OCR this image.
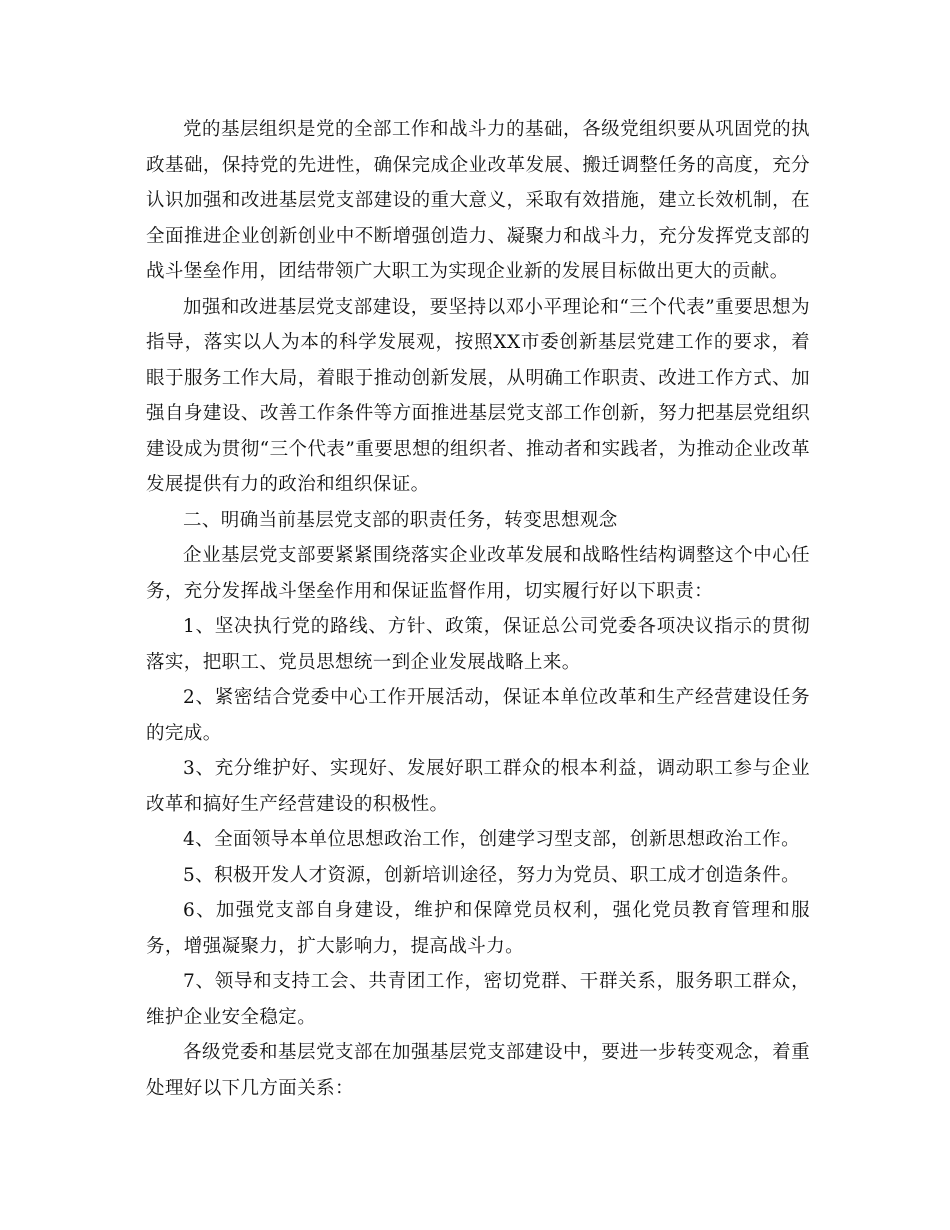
党的基层组织是党的全部工作和战斗力的基础，各级党组织要从巩固党的执政基础，保持党的先进性，确保完成企业改革发展、搬迁调整任务的高度，充分认识加强和改进基层党支部建设的重大意义，采取有效措施，建立长效机制，在全面推进企业创新创业中不断增强创造力、凝聚力和战斗力，充分发挥党支部的战斗堡垒作用，团结带领广大职工为实现企业新的发展目标做出更大的贡献。

加强和改进基层党支部建设，要坚持以邓小平理论和“三个代表”重要思想为指导，落实以人为本的科学发展观，按照XX市委创新基层党建工作的要求，着眼于服务工作大局，着眼于推动创新发展，从明确工作职责、改进工作方式、加强自身建设、改善工作条件等方面推进基层党支部工作创新，努力把基层党组织建设成为贯彻“三个代表”重要思想的组织者、推动者和实践者，为推动企业改革发展提供有力的政治和组织保证。

二、明确当前基层党支部的职责任务，转变思想观念

企业基层党支部要紧紧围绕落实企业改革发展和战略性结构调整这个中心任务，充分发挥战斗堡垒作用和保证监督作用，切实履行好以下职责：

1、坚决执行党的路线、方针、政策，保证总公司党委各项决议指示的贯彻落实，把职工、党员思想统一到企业发展战略上来。

2、紧密结合党委中心工作开展活动，保证本单位改革和生产经营建设任务的完成。

3、充分维护好、实现好、发展好职工群众的根本利益，调动职工参与企业改革和搞好生产经营建设的积极性。

4、全面领导本单位思想政治工作，创建学习型支部，创新思想政治工作。

5、积极开发人才资源，创新培训途径，努力为党员、职工成才创造条件。

6、加强党支部自身建设，维护和保障党员权利，强化党员教育管理和服务，增强凝聚力，扩大影响力，提高战斗力。

7、领导和支持工会、共青团工作，密切党群、干群关系，服务职工群众，维护企业安全稳定。

各级党委和基层党支部在加强基层党支部建设中，要进一步转变观念，着重处理好以下几方面关系：
